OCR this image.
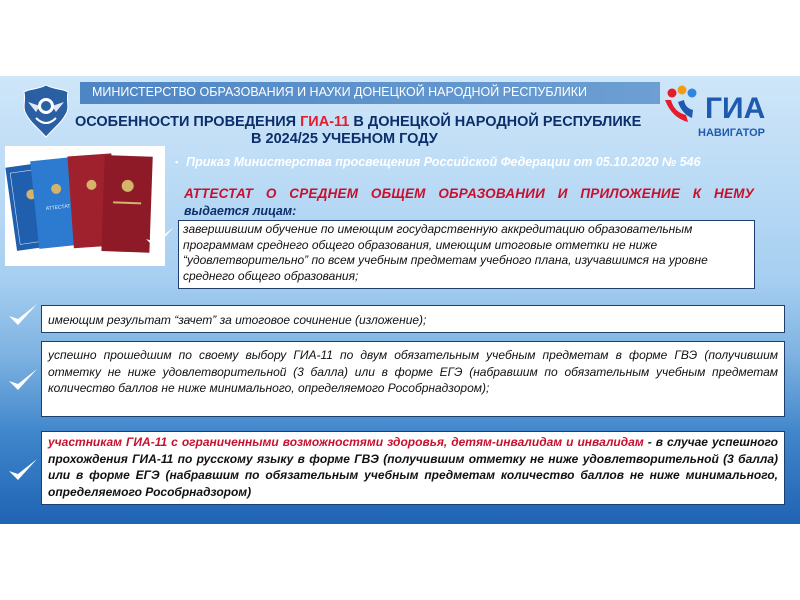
МИНИСТЕРСТВО ОБРАЗОВАНИЯ И НАУКИ ДОНЕЦКОЙ НАРОДНОЙ РЕСПУБЛИКИ	ГИА
НАВИГАТОР
ОСОБЕННОСТИ ПРОВЕДЕНИЯ ГИА-11 В ДОНЕЦКОЙ НАРОДНОЙ РЕСПУБЛИКЕ
В 2024/25 УЧЕБНОМ ГОДУ
• Приказ Министерства просвещения Российской Федерации от 05.10.2020 № 546
АТТЕСТАТ
АТТЕСТАТ О СРЕДНЕМ ОБЩЕМ ОБРАЗОВАНИИ И ПРИЛОЖЕНИЕ К НЕМУ
выдается лицам:
завершившим обучение по имеющим государственную аккредитацию образовательным программам среднего общего образования, имеющим итоговые отметки не ниже “удовлетворительно” по всем учебным предметам учебного плана, изучавшимся на уровне среднего общего образования;
имеющим результат “зачет” за итоговое сочинение (изложение);
успешно прошедшим по своему выбору ГИА-11 по двум обязательным учебным предметам в форме ГВЭ (получившим отметку не ниже удовлетворительной (3 балла) или в форме ЕГЭ (набравшим по обязательным учебным предметам количество баллов не ниже минимального, определяемого Рособрнадзором);
участникам ГИА-11 с ограниченными возможностями здоровья, детям-инвалидам и инвалидам - в случае успешного прохождения ГИА-11 по русскому языку в форме ГВЭ (получившим отметку не ниже удовлетворительной (3 балла) или в форме ЕГЭ (набравшим по обязательным учебным предметам количество баллов не ниже минимального, определяемого Рособрнадзором)
